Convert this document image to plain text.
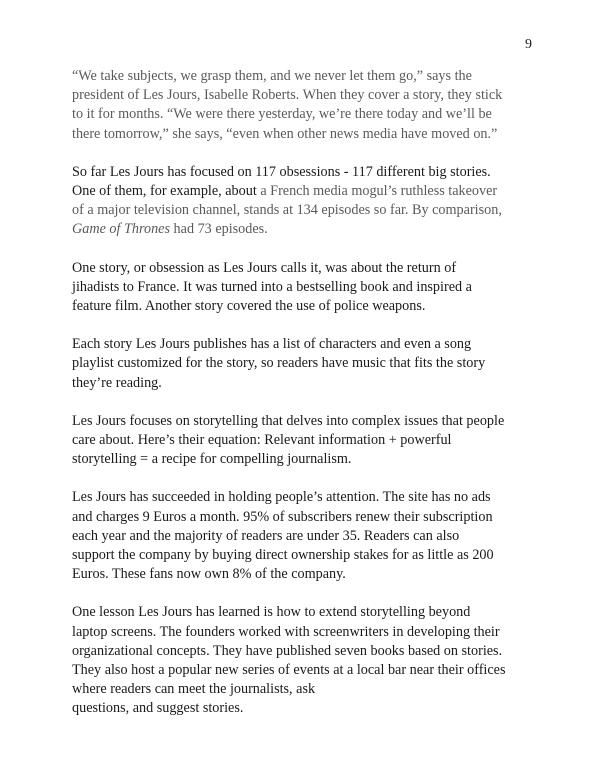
9

“We take subjects, we grasp them, and we never let them go,” says the
president of Les Jours, Isabelle Roberts. When they cover a story, they stick
to it for months. “We were there yesterday, we’re there today and we’ll be
there tomorrow,” she says, “even when other news media have moved on.”

So far Les Jours has focused on 117 obsessions - 117 different big stories.
One of them, for example, about a French media mogul’s ruthless takeover
of a major television channel, stands at 134 episodes so far. By comparison,
Game of Thrones had 73 episodes.

One story, or obsession as Les Jours calls it, was about the return of
jihadists to France. It was turned into a bestselling book and inspired a
feature film. Another story covered the use of police weapons.

Each story Les Jours publishes has a list of characters and even a song
playlist customized for the story, so readers have music that fits the story
they’re reading.

Les Jours focuses on storytelling that delves into complex issues that people
care about. Here’s their equation: Relevant information + powerful
storytelling = a recipe for compelling journalism.

Les Jours has succeeded in holding people’s attention. The site has no ads
and charges 9 Euros a month. 95% of subscribers renew their subscription
each year and the majority of readers are under 35. Readers can also
support the company by buying direct ownership stakes for as little as 200
Euros. These fans now own 8% of the company.

One lesson Les Jours has learned is how to extend storytelling beyond
laptop screens. The founders worked with screenwriters in developing their
organizational concepts. They have published seven books based on stories.
They also host a popular new series of events at a local bar near their offices
where readers can meet the journalists, ask
questions, and suggest stories.
